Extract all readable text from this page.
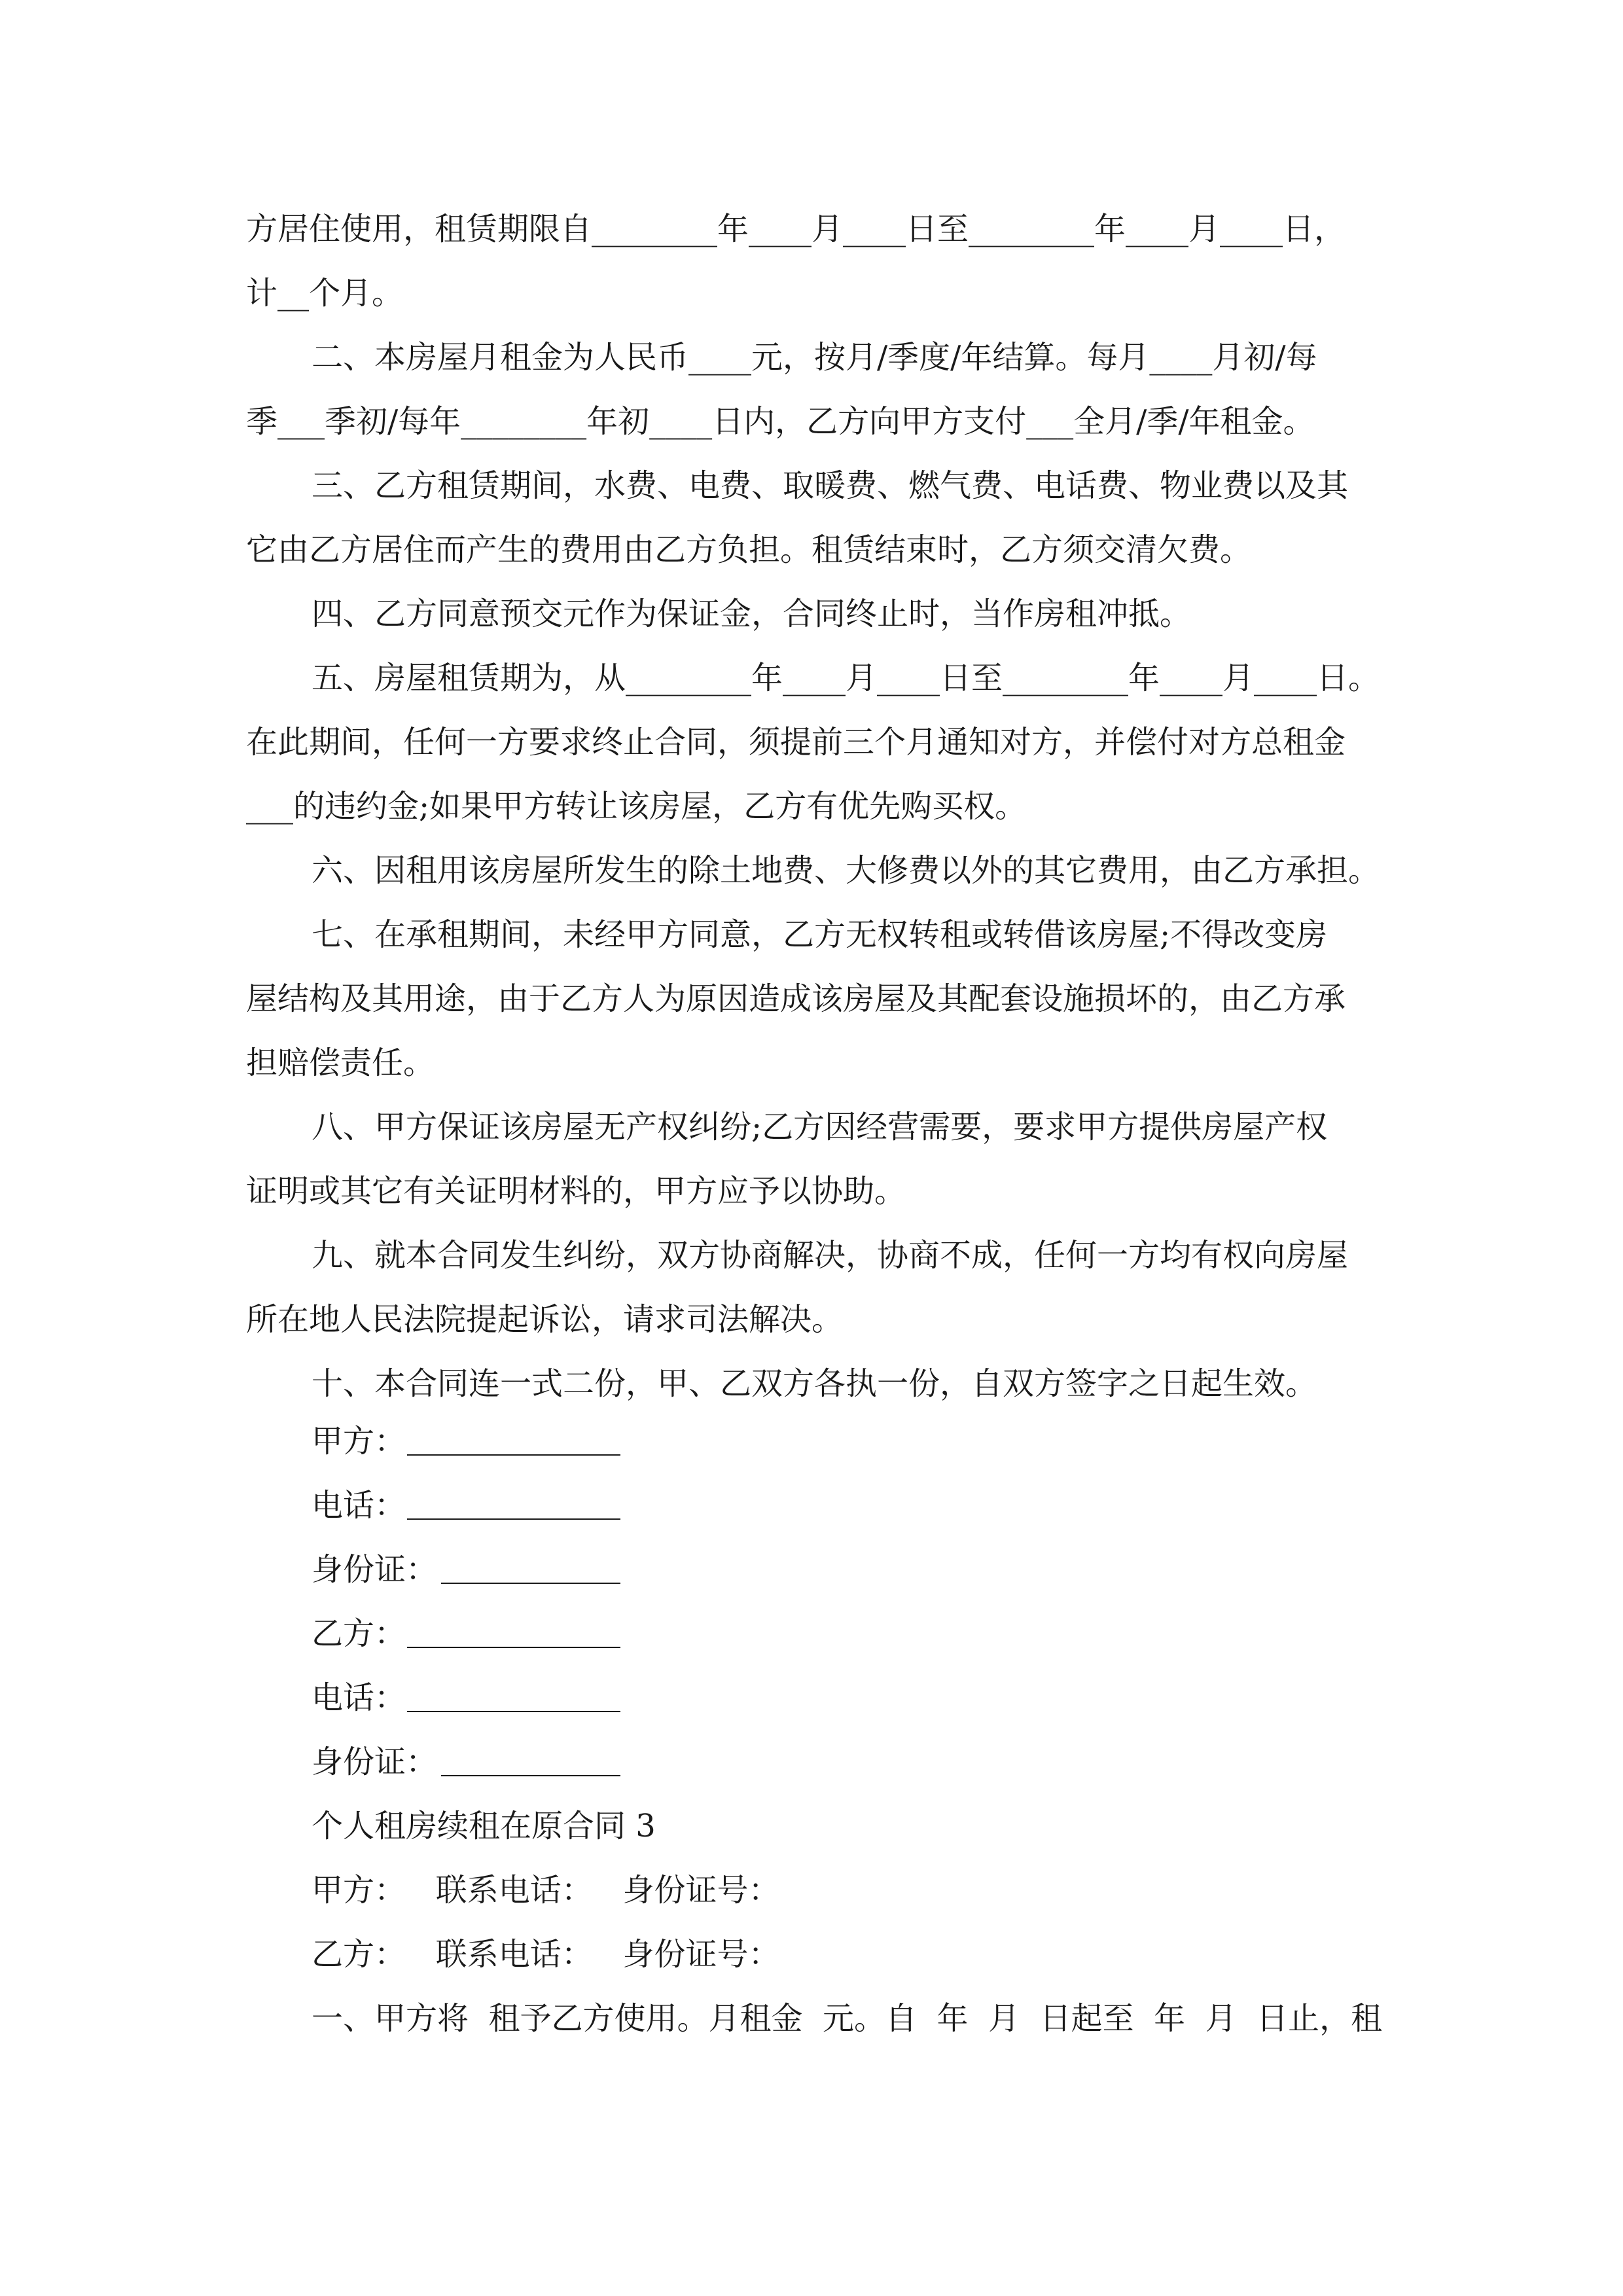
方居住使用，租赁期限自________年____月____日至________年____月____日，
计__个月。
二、本房屋月租金为人民币____元，按月/季度/年结算。每月____月初/每
季___季初/每年________年初____日内，乙方向甲方支付___全月/季/年租金。
三、乙方租赁期间，水费、电费、取暖费、燃气费、电话费、物业费以及其
它由乙方居住而产生的费用由乙方负担。租赁结束时，乙方须交清欠费。
四、乙方同意预交元作为保证金，合同终止时，当作房租冲抵。
五、房屋租赁期为，从________年____月____日至________年____月____日。
在此期间，任何一方要求终止合同，须提前三个月通知对方，并偿付对方总租金
___的违约金;如果甲方转让该房屋，乙方有优先购买权。
六、因租用该房屋所发生的除土地费、大修费以外的其它费用，由乙方承担。
七、在承租期间，未经甲方同意，乙方无权转租或转借该房屋;不得改变房
屋结构及其用途，由于乙方人为原因造成该房屋及其配套设施损坏的，由乙方承
担赔偿责任。
八、甲方保证该房屋无产权纠纷;乙方因经营需要，要求甲方提供房屋产权
证明或其它有关证明材料的，甲方应予以协助。
九、就本合同发生纠纷，双方协商解决，协商不成，任何一方均有权向房屋
所在地人民法院提起诉讼，请求司法解决。
十、本合同连一式二份，甲、乙双方各执一份，自双方签字之日起生效。
甲方：
电话：
身份证：
乙方：
电话：
身份证：
个人租房续租在原合同 3
甲方：   联系电话：   身份证号：
乙方：   联系电话：   身份证号：
一、甲方将  租予乙方使用。月租金  元。自  年  月  日起至  年  月  日止，租
